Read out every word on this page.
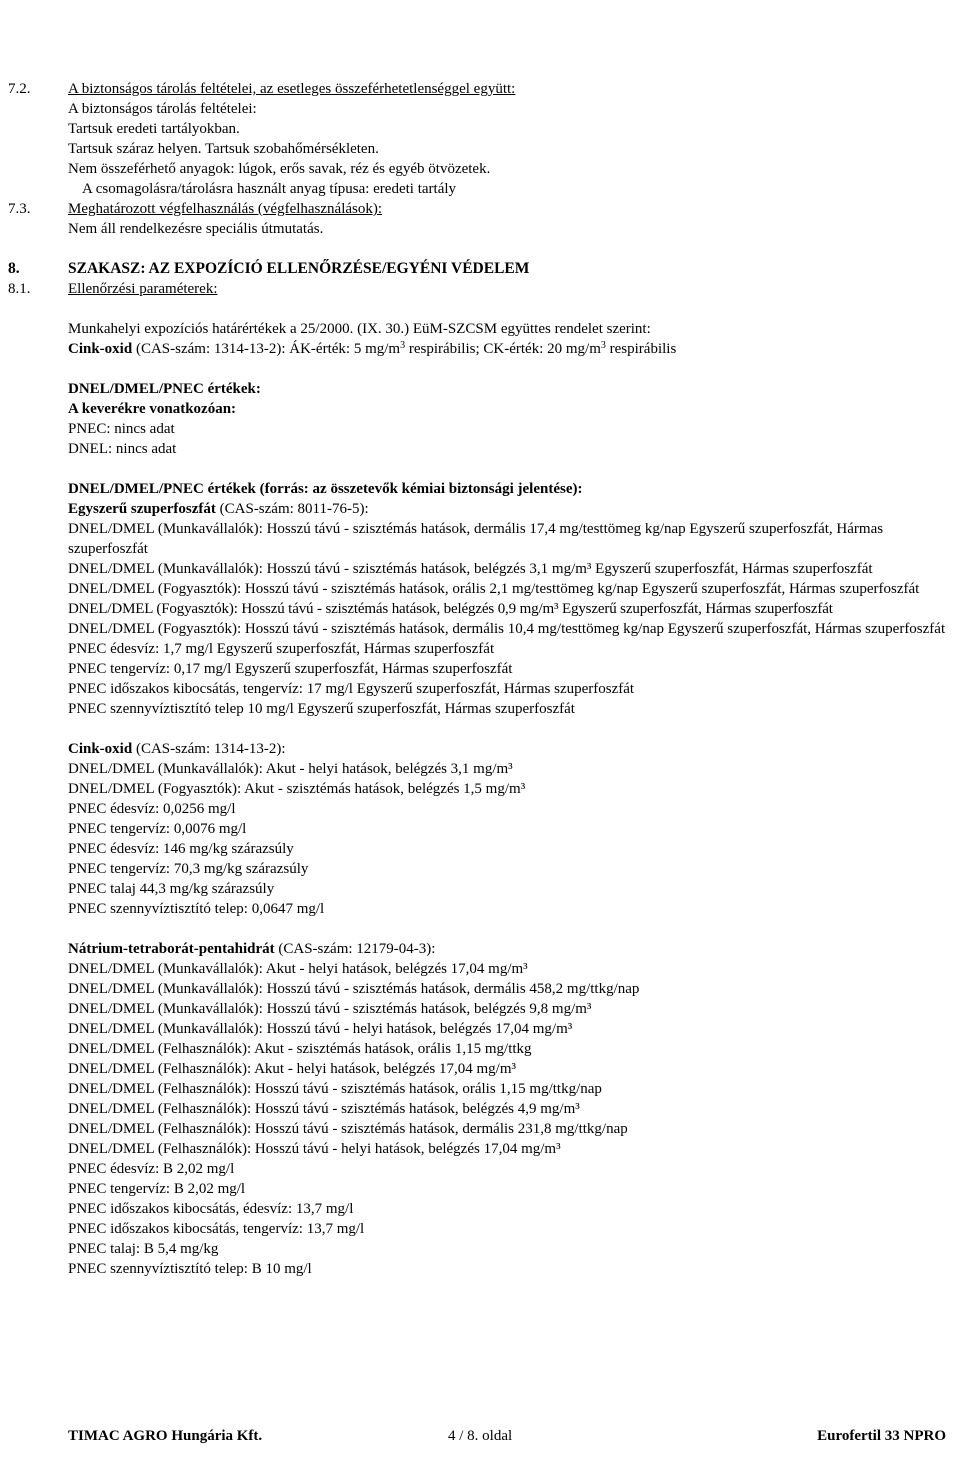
Elkészítés időpontja: 2014. 01. 28.
Felülvizsgálat időpontja: 2014. 02. 20.
Verziószám: 2
http://www.biztonsagiadatlap.hu
7.2.	A biztonságos tárolás feltételei, az esetleges összeférhetetlenséggel együtt:
A biztonságos tárolás feltételei:
Tartsuk eredeti tartályokban.
Tartsuk száraz helyen. Tartsuk szobahőmérsékleten.
Nem összeférhető anyagok: lúgok, erős savak, réz és egyéb ötvözetek.
A csomagolásra/tárolásra használt anyag típusa: eredeti tartály
7.3.	Meghatározott végfelhasználás (végfelhasználások):
Nem áll rendelkezésre speciális útmutatás.
8.	SZAKASZ: AZ EXPOZÍCIÓ ELLENŐRZÉSE/EGYÉNI VÉDELEM
8.1.	Ellenőrzési paraméterek:
Munkahelyi expozíciós határértékek a 25/2000. (IX. 30.) EüM-SZCSM együttes rendelet szerint:
Cink-oxid (CAS-szám: 1314-13-2): ÁK-érték: 5 $mg/m^3$ respirábilis; CK-érték: 20 $mg/m^3$ respirábilis
DNEL/DMEL/PNEC értékek:
A keverékre vonatkozóan:
PNEC: nincs adat
DNEL: nincs adat
DNEL/DMEL/PNEC értékek (forrás: az összetevők kémiai biztonsági jelentése):
Egyszerű szuperfoszfát (CAS-szám: 8011-76-5):
DNEL/DMEL (Munkavállalók): Hosszú távú - szisztémás hatások, dermális 17,4 mg/testtömeg kg/nap Egyszerű szuperfoszfát, Hármas szuperfoszfát
DNEL/DMEL (Munkavállalók): Hosszú távú - szisztémás hatások, belégzés 3,1 mg/m³ Egyszerű szuperfoszfát, Hármas szuperfoszfát
DNEL/DMEL (Fogyasztók): Hosszú távú - szisztémás hatások, orális 2,1 mg/testtömeg kg/nap Egyszerű szuperfoszfát, Hármas szuperfoszfát
DNEL/DMEL (Fogyasztók): Hosszú távú - szisztémás hatások, belégzés 0,9 mg/m³ Egyszerű szuperfoszfát, Hármas szuperfoszfát
DNEL/DMEL (Fogyasztók): Hosszú távú - szisztémás hatások, dermális 10,4 mg/testtömeg kg/nap Egyszerű szuperfoszfát, Hármas szuperfoszfát
PNEC édesvíz: 1,7 mg/l Egyszerű szuperfoszfát, Hármas szuperfoszfát
PNEC tengervíz: 0,17 mg/l Egyszerű szuperfoszfát, Hármas szuperfoszfát
PNEC időszakos kibocsátás, tengervíz: 17 mg/l Egyszerű szuperfoszfát, Hármas szuperfoszfát
PNEC szennyvíztisztító telep 10 mg/l Egyszerű szuperfoszfát, Hármas szuperfoszfát
Cink-oxid (CAS-szám: 1314-13-2):
DNEL/DMEL (Munkavállalók): Akut - helyi hatások, belégzés 3,1 mg/m³
DNEL/DMEL (Fogyasztók): Akut - szisztémás hatások, belégzés 1,5 mg/m³
PNEC édesvíz: 0,0256 mg/l
PNEC tengervíz: 0,0076 mg/l
PNEC édesvíz: 146 mg/kg szárazsúly
PNEC tengervíz: 70,3 mg/kg szárazsúly
PNEC talaj 44,3 mg/kg szárazsúly
PNEC szennyvíztisztító telep: 0,0647 mg/l
Nátrium-tetraborát-pentahidrát (CAS-szám: 12179-04-3):
DNEL/DMEL (Munkavállalók): Akut - helyi hatások, belégzés 17,04 mg/m³
DNEL/DMEL (Munkavállalók): Hosszú távú - szisztémás hatások, dermális 458,2 mg/ttkg/nap
DNEL/DMEL (Munkavállalók): Hosszú távú - szisztémás hatások, belégzés 9,8 mg/m³
DNEL/DMEL (Munkavállalók): Hosszú távú - helyi hatások, belégzés 17,04 mg/m³
DNEL/DMEL (Felhasználók): Akut - szisztémás hatások, orális 1,15 mg/ttkg
DNEL/DMEL (Felhasználók): Akut - helyi hatások, belégzés 17,04 mg/m³
DNEL/DMEL (Felhasználók): Hosszú távú - szisztémás hatások, orális 1,15 mg/ttkg/nap
DNEL/DMEL (Felhasználók): Hosszú távú - szisztémás hatások, belégzés 4,9 mg/m³
DNEL/DMEL (Felhasználók): Hosszú távú - szisztémás hatások, dermális 231,8 mg/ttkg/nap
DNEL/DMEL (Felhasználók): Hosszú távú - helyi hatások, belégzés 17,04 mg/m³
PNEC édesvíz: B 2,02 mg/l
PNEC tengervíz: B 2,02 mg/l
PNEC időszakos kibocsátás, édesvíz: 13,7 mg/l
PNEC időszakos kibocsátás, tengervíz: 13,7 mg/l
PNEC talaj: B 5,4 mg/kg
PNEC szennyvíztisztító telep: B 10 mg/l
TIMAC AGRO Hungária Kft.	4 / 8. oldal	Eurofertil 33 NPRO
